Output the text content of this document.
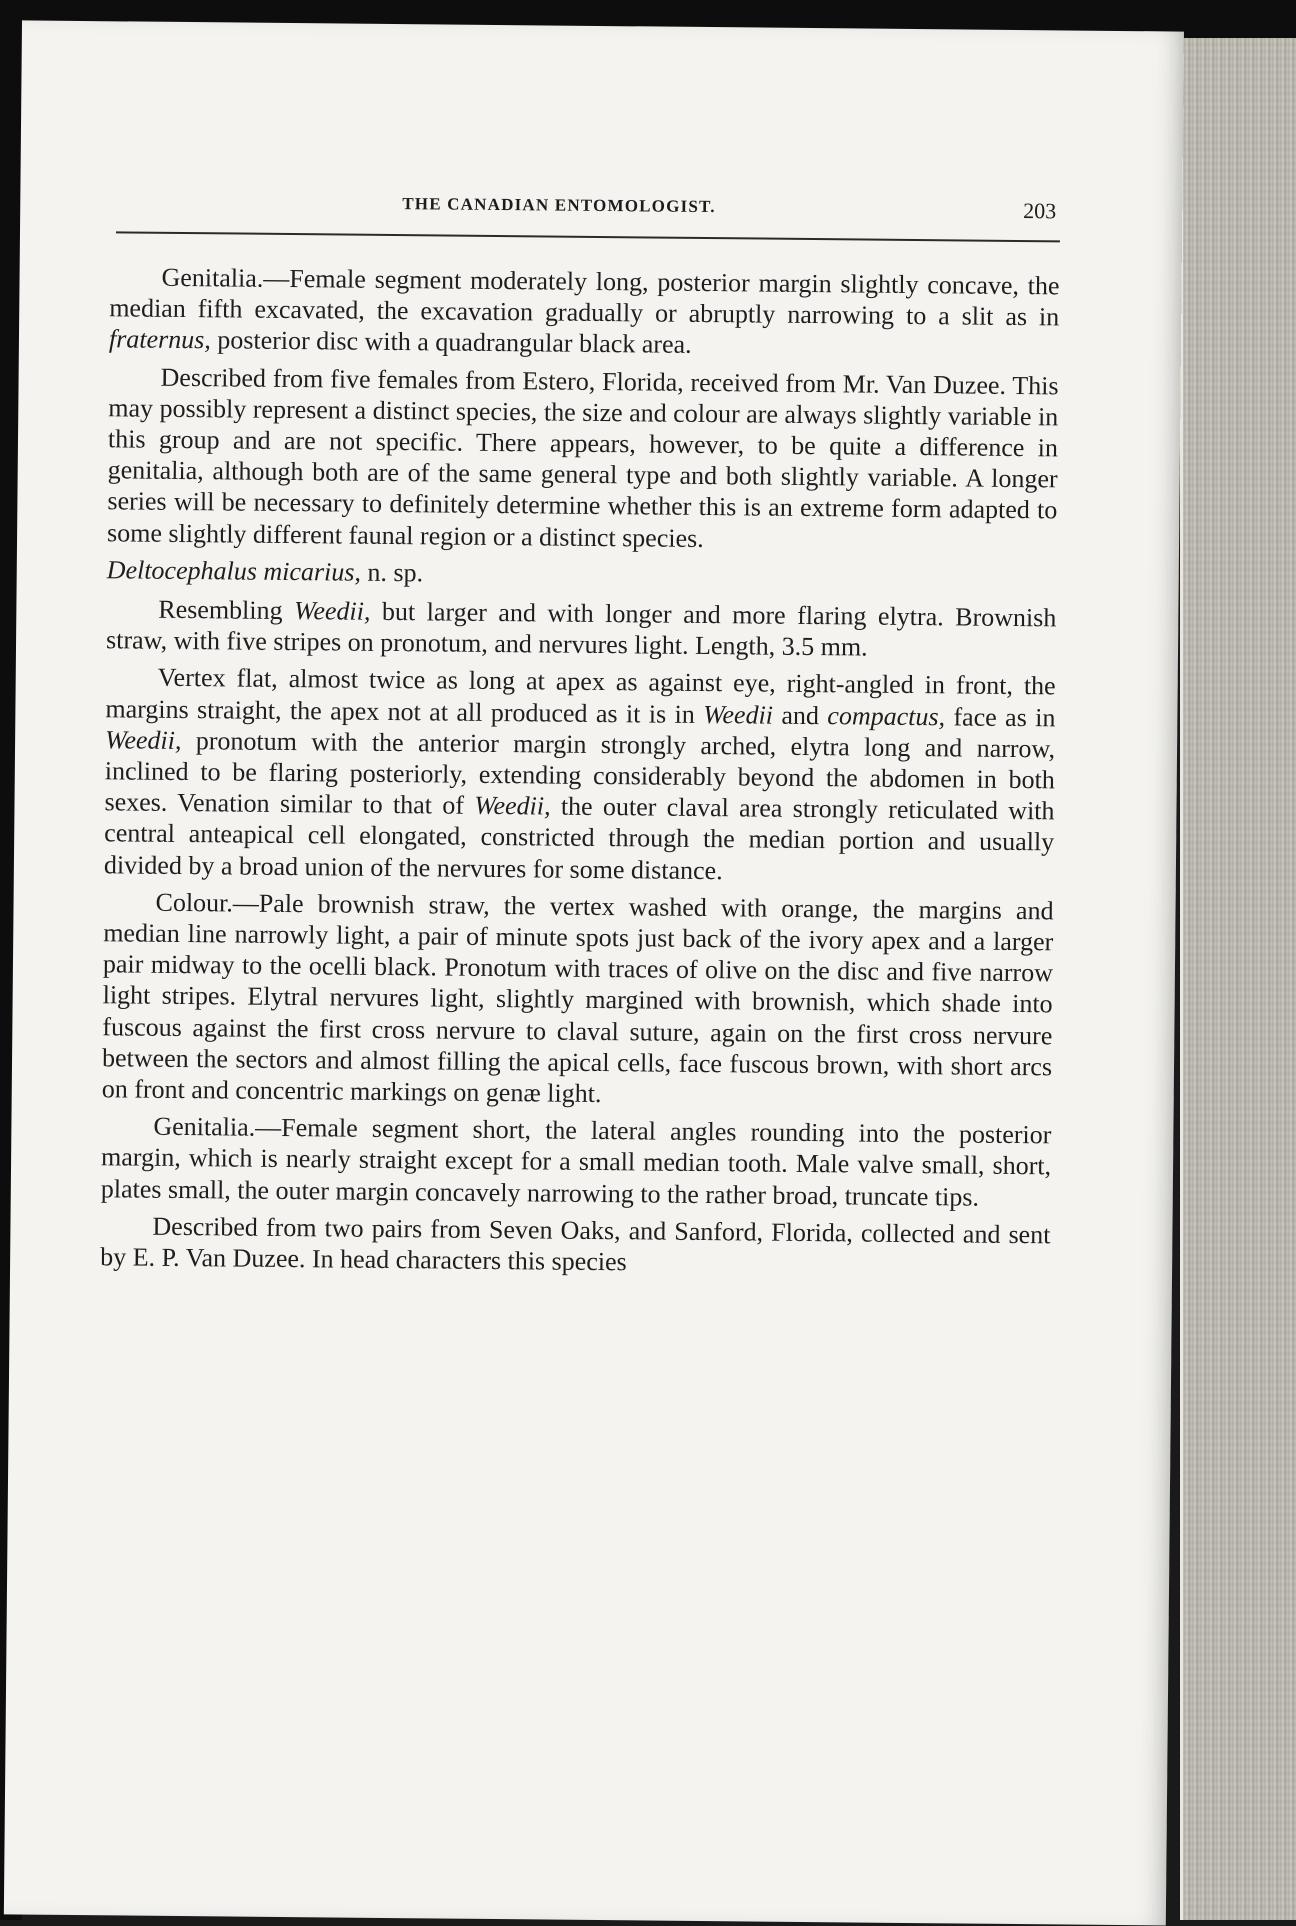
THE CANADIAN ENTOMOLOGIST.	203

Genitalia.—Female segment moderately long, posterior margin slightly concave, the median fifth excavated, the excavation gradually or abruptly narrowing to a slit as in fraternus, posterior disc with a quadrangular black area.

Described from five females from Estero, Florida, received from Mr. Van Duzee. This may possibly represent a distinct species, the size and colour are always slightly variable in this group and are not specific. There appears, however, to be quite a difference in genitalia, although both are of the same general type and both slightly variable. A longer series will be necessary to definitely determine whether this is an extreme form adapted to some slightly different faunal region or a distinct species.

Deltocephalus micarius, n. sp.

Resembling Weedii, but larger and with longer and more flaring elytra. Brownish straw, with five stripes on pronotum, and nervures light. Length, 3.5 mm.

Vertex flat, almost twice as long at apex as against eye, right-angled in front, the margins straight, the apex not at all produced as it is in Weedii and compactus, face as in Weedii, pronotum with the anterior margin strongly arched, elytra long and narrow, inclined to be flaring posteriorly, extending considerably beyond the abdomen in both sexes. Venation similar to that of Weedii, the outer claval area strongly reticulated with central anteapical cell elongated, constricted through the median portion and usually divided by a broad union of the nervures for some distance.

Colour.—Pale brownish straw, the vertex washed with orange, the margins and median line narrowly light, a pair of minute spots just back of the ivory apex and a larger pair midway to the ocelli black. Pronotum with traces of olive on the disc and five narrow light stripes. Elytral nervures light, slightly margined with brownish, which shade into fuscous against the first cross nervure to claval suture, again on the first cross nervure between the sectors and almost filling the apical cells, face fuscous brown, with short arcs on front and concentric markings on genæ light.

Genitalia.—Female segment short, the lateral angles rounding into the posterior margin, which is nearly straight except for a small median tooth. Male valve small, short, plates small, the outer margin concavely narrowing to the rather broad, truncate tips.

Described from two pairs from Seven Oaks, and Sanford, Florida, collected and sent by E. P. Van Duzee. In head characters this species
